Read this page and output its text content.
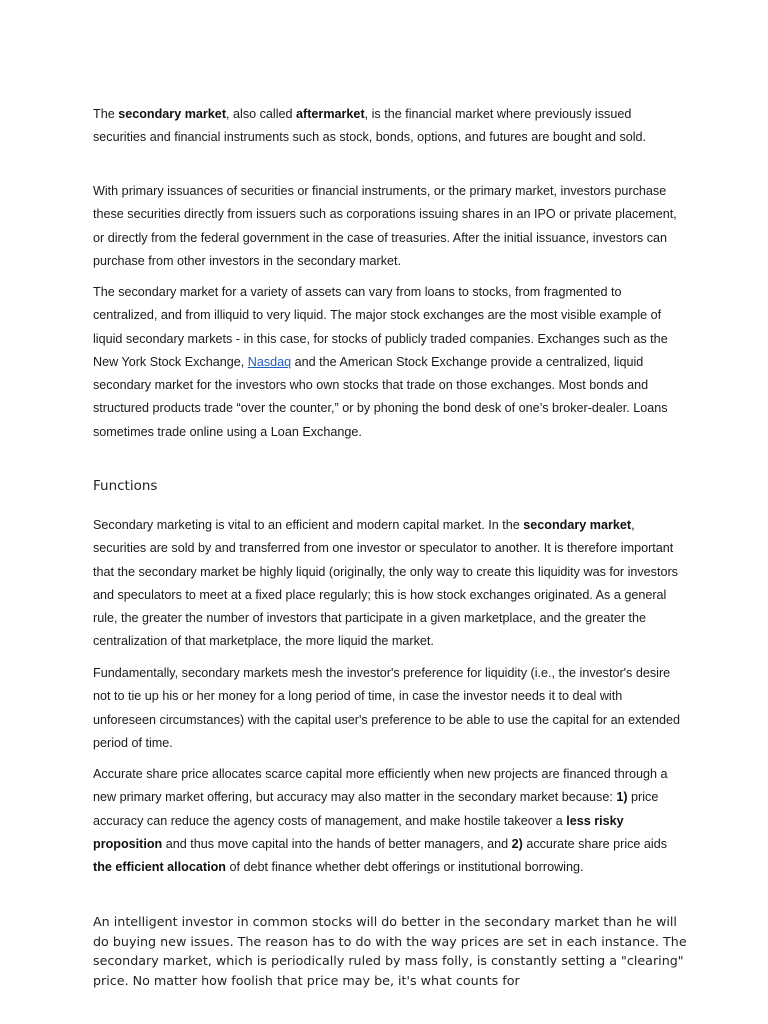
The secondary market, also called aftermarket, is the financial market where previously issued securities and financial instruments such as stock, bonds, options, and futures are bought and sold.

With primary issuances of securities or financial instruments, or the primary market, investors purchase these securities directly from issuers such as corporations issuing shares in an IPO or private placement, or directly from the federal government in the case of treasuries. After the initial issuance, investors can purchase from other investors in the secondary market.

The secondary market for a variety of assets can vary from loans to stocks, from fragmented to centralized, and from illiquid to very liquid. The major stock exchanges are the most visible example of liquid secondary markets - in this case, for stocks of publicly traded companies. Exchanges such as the New York Stock Exchange, Nasdaq and the American Stock Exchange provide a centralized, liquid secondary market for the investors who own stocks that trade on those exchanges. Most bonds and structured products trade “over the counter,” or by phoning the bond desk of one’s broker-dealer. Loans sometimes trade online using a Loan Exchange.

Functions

Secondary marketing is vital to an efficient and modern capital market. In the secondary market, securities are sold by and transferred from one investor or speculator to another. It is therefore important that the secondary market be highly liquid (originally, the only way to create this liquidity was for investors and speculators to meet at a fixed place regularly; this is how stock exchanges originated. As a general rule, the greater the number of investors that participate in a given marketplace, and the greater the centralization of that marketplace, the more liquid the market.

Fundamentally, secondary markets mesh the investor's preference for liquidity (i.e., the investor's desire not to tie up his or her money for a long period of time, in case the investor needs it to deal with unforeseen circumstances) with the capital user's preference to be able to use the capital for an extended period of time.

Accurate share price allocates scarce capital more efficiently when new projects are financed through a new primary market offering, but accuracy may also matter in the secondary market because: 1) price accuracy can reduce the agency costs of management, and make hostile takeover a less risky proposition and thus move capital into the hands of better managers, and 2) accurate share price aids the efficient allocation of debt finance whether debt offerings or institutional borrowing.

An intelligent investor in common stocks will do better in the secondary market than he will do buying new issues. The reason has to do with the way prices are set in each instance. The secondary market, which is periodically ruled by mass folly, is constantly setting a "clearing" price. No matter how foolish that price may be, it's what counts for
